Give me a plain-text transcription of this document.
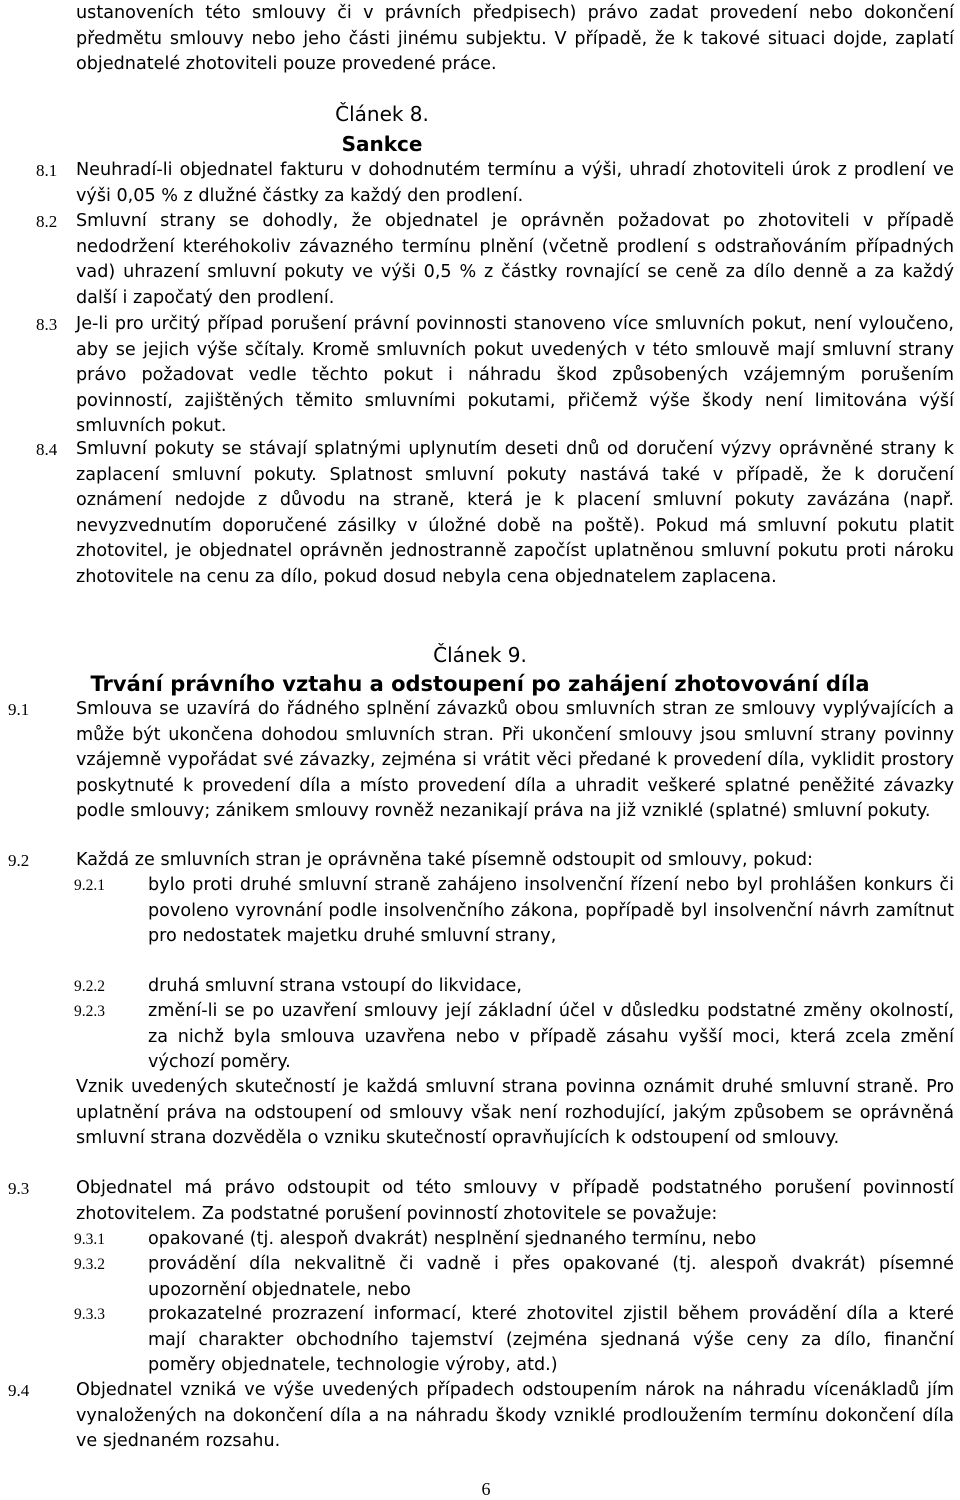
ustanoveních této smlouvy či v právních předpisech) právo zadat provedení nebo dokončení předmětu smlouvy nebo jeho části jinému subjektu. V případě, že k takové situaci dojde, zaplatí objednatelé zhotoviteli pouze provedené práce.

Článek 8.
Sankce
8.1 Neuhradí-li objednatel fakturu v dohodnutém termínu a výši, uhradí zhotoviteli úrok z prodlení ve výši 0,05 % z dlužné částky za každý den prodlení.

8.2 Smluvní strany se dohodly, že objednatel je oprávněn požadovat po zhotoviteli v případě nedodržení kteréhokoliv závazného termínu plnění (včetně prodlení s odstraňováním případných vad) uhrazení smluvní pokuty ve výši 0,5 % z částky rovnající se ceně za dílo denně a za každý další i započatý den prodlení.

8.3 Je-li pro určitý případ porušení právní povinnosti stanoveno více smluvních pokut, není vyloučeno, aby se jejich výše sčítaly. Kromě smluvních pokut uvedených v této smlouvě mají smluvní strany právo požadovat vedle těchto pokut i náhradu škod způsobených vzájemným porušením povinností, zajištěných těmito smluvními pokutami, přičemž výše škody není limitována výší smluvních pokut.

8.4 Smluvní pokuty se stávají splatnými uplynutím deseti dnů od doručení výzvy oprávněné strany k zaplacení smluvní pokuty. Splatnost smluvní pokuty nastává také v případě, že k doručení oznámení nedojde z důvodu na straně, která je k placení smluvní pokuty zavázána (např. nevyzvednutím doporučené zásilky v úložné době na poště). Pokud má smluvní pokutu platit zhotovitel, je objednatel oprávněn jednostranně započíst uplatněnou smluvní pokutu proti nároku zhotovitele na cenu za dílo, pokud dosud nebyla cena objednatelem zaplacena.

Článek 9.
Trvání právního vztahu a odstoupení po zahájení zhotovování díla
9.1	Smlouva se uzavírá do řádného splnění závazků obou smluvních stran ze smlouvy vyplývajících a může být ukončena dohodou smluvních stran. Při ukončení smlouvy jsou smluvní strany povinny vzájemně vypořádat své závazky, zejména si vrátit věci předané k provedení díla, vyklidit prostory poskytnuté k provedení díla a místo provedení díla a uhradit veškeré splatné peněžité závazky podle smlouvy; zánikem smlouvy rovněž nezanikají práva na již vzniklé (splatné) smluvní pokuty.

9.2	Každá ze smluvních stran je oprávněna také písemně odstoupit od smlouvy, pokud:

9.2.1 bylo proti druhé smluvní straně zahájeno insolvenční řízení nebo byl prohlášen konkurs či povoleno vyrovnání podle insolvenčního zákona, popřípadě byl insolvenční návrh zamítnut pro nedostatek majetku druhé smluvní strany,

9.2.2 druhá smluvní strana vstoupí do likvidace,

9.2.3 změní-li se po uzavření smlouvy její základní účel v důsledku podstatné změny okolností, za nichž byla smlouva uzavřena nebo v případě zásahu vyšší moci, která zcela změní výchozí poměry.

Vznik uvedených skutečností je každá smluvní strana povinna oznámit druhé smluvní straně. Pro uplatnění práva na odstoupení od smlouvy však není rozhodující, jakým způsobem se oprávněná smluvní strana dozvěděla o vzniku skutečností opravňujících k odstoupení od smlouvy.

9.3	Objednatel má právo odstoupit od této smlouvy v případě podstatného porušení povinností zhotovitelem. Za podstatné porušení povinností zhotovitele se považuje:

9.3.1 opakované (tj. alespoň dvakrát) nesplnění sjednaného termínu, nebo

9.3.2 provádění díla nekvalitně či vadně i přes opakované (tj. alespoň dvakrát) písemné upozornění objednatele, nebo

9.3.3 prokazatelné prozrazení informací, které zhotovitel zjistil během provádění díla a které mají charakter obchodního tajemství (zejména sjednaná výše ceny za dílo, finanční poměry objednatele, technologie výroby, atd.)

9.4	Objednatel vzniká ve výše uvedených případech odstoupením nárok na náhradu vícenákladů jím vynaložených na dokončení díla a na náhradu škody vzniklé prodloužením termínu dokončení díla ve sjednaném rozsahu.

6
